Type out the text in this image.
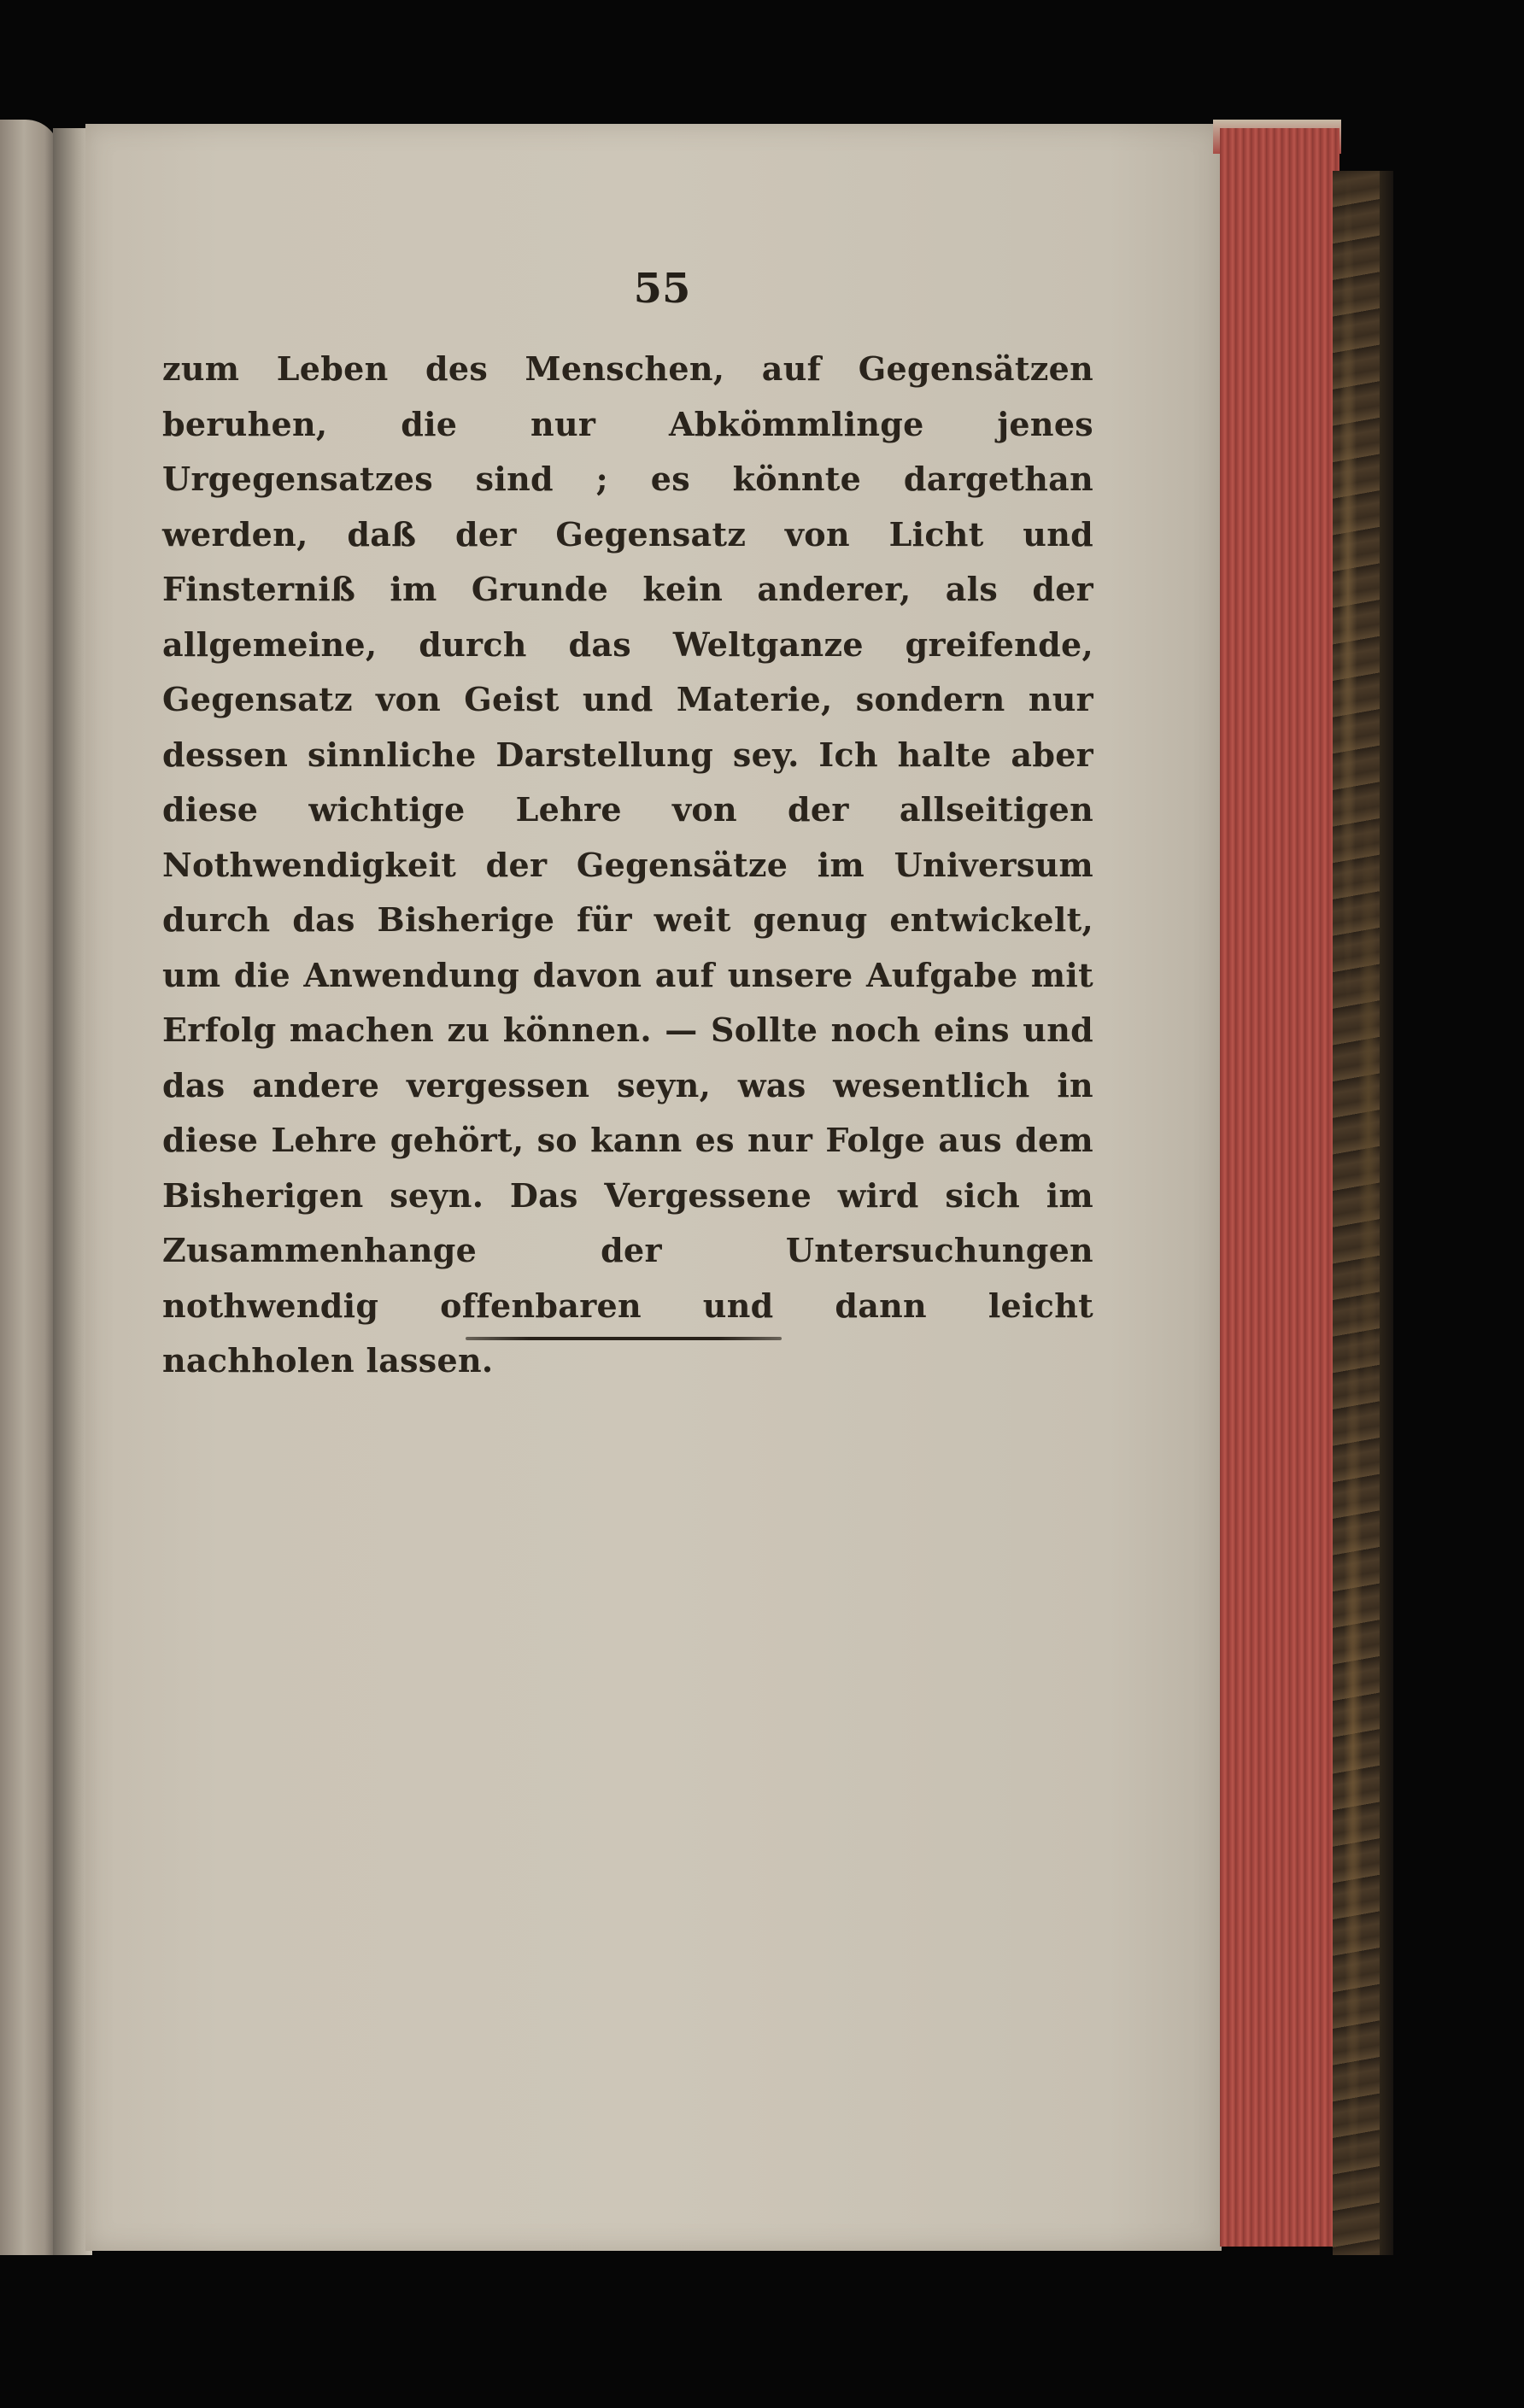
55

zum Leben des Menschen, auf Gegensätzen beruhen, die nur Abkömmlinge jenes Urgegensatzes sind ; es könnte dargethan werden, daß der Gegensatz von Licht und Finsterniß im Grunde kein anderer, als der allgemeine, durch das Weltganze greifende, Gegensatz von Geist und Materie, sondern nur dessen sinnliche Darstellung sey. Ich halte aber diese wichtige Lehre von der allseitigen Nothwendigkeit der Gegensätze im Universum durch das Bisherige für weit genug entwickelt, um die Anwendung davon auf unsere Aufgabe mit Erfolg machen zu können. — Sollte noch eins und das andere vergessen seyn, was wesentlich in diese Lehre gehört, so kann es nur Folge aus dem Bisherigen seyn. Das Vergessene wird sich im Zusammenhange der Untersuchungen nothwendig offenbaren und dann leicht nachholen lassen.
